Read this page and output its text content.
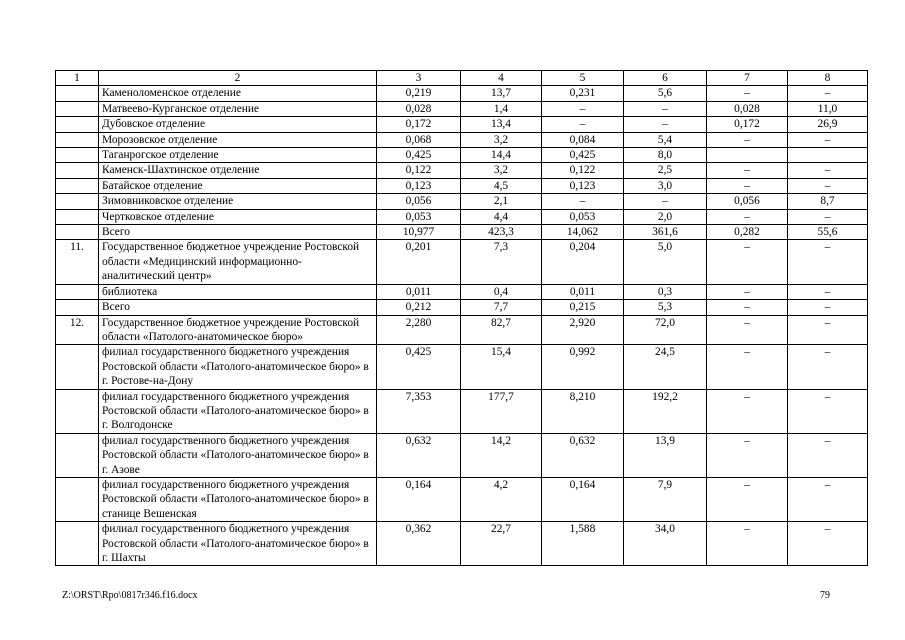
1	2	3	4	5	6	7	8
	Каменоломенское отделение	0,219	13,7	0,231	5,6	–	–
	Матвеево-Курганское отделение	0,028	1,4	–	–	0,028	11,0
	Дубовское отделение	0,172	13,4	–	–	0,172	26,9
	Морозовское отделение	0,068	3,2	0,084	5,4	–	–
	Таганрогское отделение	0,425	14,4	0,425	8,0		
	Каменск-Шахтинское отделение	0,122	3,2	0,122	2,5	–	–
	Батайское отделение	0,123	4,5	0,123	3,0	–	–
	Зимовниковское отделение	0,056	2,1	–	–	0,056	8,7
	Чертковское отделение	0,053	4,4	0,053	2,0	–	–
	Всего	10,977	423,3	14,062	361,6	0,282	55,6
11.	Государственное бюджетное учреждение Ростовской области «Медицинский информационно-аналитический центр»	0,201	7,3	0,204	5,0	–	–
	библиотека	0,011	0,4	0,011	0,3	–	–
	Всего	0,212	7,7	0,215	5,3	–	–
12.	Государственное бюджетное учреждение Ростовской области «Патолого-анатомическое бюро»	2,280	82,7	2,920	72,0	–	–
	филиал государственного бюджетного учреждения Ростовской области «Патолого-анатомическое бюро» в г. Ростове-на-Дону	0,425	15,4	0,992	24,5	–	–
	филиал государственного бюджетного учреждения Ростовской области «Патолого-анатомическое бюро» в г. Волгодонске	7,353	177,7	8,210	192,2	–	–
	филиал государственного бюджетного учреждения Ростовской области «Патолого-анатомическое бюро» в г. Азове	0,632	14,2	0,632	13,9	–	–
	филиал государственного бюджетного учреждения Ростовской области «Патолого-анатомическое бюро» в станице Вешенская	0,164	4,2	0,164	7,9	–	–
	филиал государственного бюджетного учреждения Ростовской области «Патолого-анатомическое бюро» в г. Шахты	0,362	22,7	1,588	34,0	–	–
Z:\ORST\Rpo\0817r346.f16.docx	79
